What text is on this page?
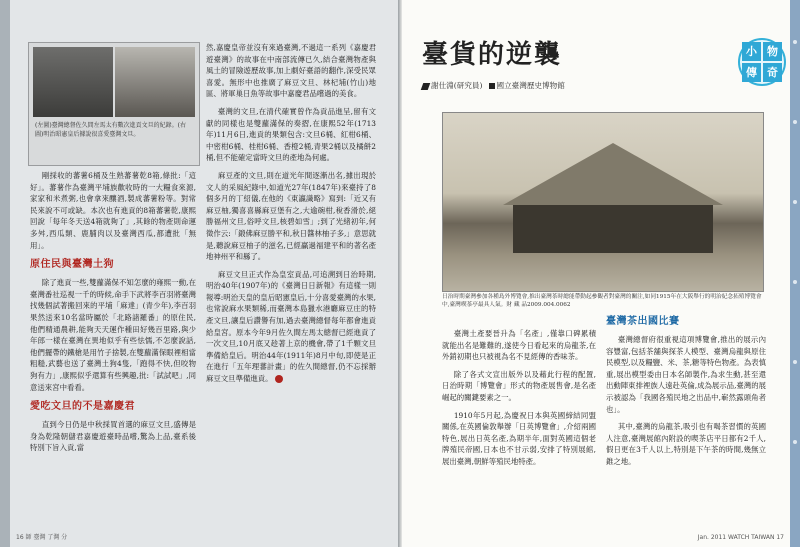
(左圖)臺灣總督佐久間左馬太有數次進貢文旦的紀錄。(右圖)明治昭憲皇后據說很喜愛臺灣文旦。

剛採收的蕃薯6桶及生熟蕃薯乾8箱,條批:「這好」。蕃薯作為臺灣平埔族歡收時的一大糧食來源,家家和米煮粥,也會拿來釀酒,製成蕃薯粉等。對常民來說不可或缺。本次也有進貢的8箱蕃薯乾,康熙回說「每年冬天送4箱就夠了」,其餘的物產則命運多舛,西瓜類、鹿脯肉以及臺灣西瓜,都遭批「無用」。

原住民與臺灣土狗

除了進貢一些,雙蘿滿保不知怎麼的雍熙一動,在臺灣番社巡視一千的時候,命手下武將李百羽將臺灣找幾個試著搬回來的平埔「麻達」(青少年),李百羽果然送來10名當時屬於「北路諸羅番」的原住民,他們精通農耕,能夠天天運作種田好幾百里路,與少年郎一樣在臺灣在異地似乎有些怯懦,不怎麼說話,他們擺帶的鐵槍是用竹子捨製,在雙蘿滿保眼裡相當粗糙,武藝也送了臺灣土狗4隻,「跑得不快,但咬物狗有力」,康熙似乎還算有些興趣,批:「試試吧」,同意送來宮中看看。

愛吃文旦的不是嘉慶君

直到今日仍是中秋採買首選的麻豆文旦,盛傳是身為乾隆朝儲君嘉慶遊臺時品嚐,驚為上品,臺系後特別下旨入貢,當

然,嘉慶皇帝並沒有來過臺灣,不過這一系列《嘉慶君遊臺灣》的故事在中南部流傳已久,結合臺灣物產與風土的冒險遊歷故事,加上劇好臺語的翻作,深受民眾喜愛。無形中也推廣了麻豆文旦、林杞埔(竹山)地區、將軍巢日魚等故事中嘉慶君品嚐過的美食。

臺灣的文旦,在清代確實曾作為貢品進呈,留有文獻的同樣也是雙蘿滿保的奏摺,在康熙52年(1713年)11月6日,進貢的果類包含:文旦6桶、紅柑6桶、中密柑6桶、桂柑6桶、香橙2桶,青果2桶以及橘餅2桶,但不能確定當時文旦的產地為何處。

麻豆產的文旦,則在道光年間逐漸出名,據出現於文人的采風紀錄中,如道光27年(1847年)來臺持了8個多月的丁紹儀,在他的《東瀛識略》寫到:「近又有麻豆柚,獨喜喜縣麻豆堡有之,大逾碗柑,稅香滑於,絕勝福州文旦,俗呼文旦,核碧如雪」;到了光緒初年,何徵作云:「鍛佛麻豆勝平和,秋日醬林柚子多,」意思就是,聽說麻豆柚子的滋名,已經贏過福建平和的著名產地神州平和縣了。

麻豆文旦正式作為皇室貢品,可追溯到日治時期,明治40年(1907年)的《臺灣日日新報》有這樣一則報導:明治天皇的皇后昭憲皇后,十分喜愛臺灣的水果,也常說麻水果類稀,而臺灣本島獵水港廳麻豆庄的特產文旦,讓皇后讚譽有加,過去臺灣總督每年都會進貢給皇宮。原本今年9月佐久間左馬太總督已經進貢了一次文旦,10月底又趁著上京的機會,帶了1千顆文旦準備給皇后。明治44年(1911年)8月中旬,即使是正在進行「五年理蕃計畫」的佐久間總督,仍不忘採辦麻豆文旦準備進貢。

16 師 臺灣 了灣 分
臺貨的逆襲
謝仕淵(研究員) 國立臺灣歷史博物館
小 物
傳 奇
日治時期臺灣參加各種島外博覽會,推出臺灣茶時總能帶動起參觀者對臺灣的關注,如同1915年在大阪舉行的明治紀念拓殖博覽會中,臺灣喫茶亭最具人氣。財 藏 品2009.004.0062

臺灣土產要晉升為「名產」,僅靠口碑累積就能出名是難難的,遂使今日看起來的烏龍茶,在外銷初期也只被視為名不見經傳的香味茶。

除了各式文宣出版外以及藉此行程的配置,日治時期「博覽會」形式的物產展售會,是名產崛起的關鍵要素之一。

1910年5月起,為慶祝日本與英國締結同盟關係,在英國倫敦舉辦「日英博覽會」,介紹兩國特色,展出日英名產,為期半年,面對英國這個老牌殖民帝國,日本也不甘示弱,安排了特別展館,展出臺灣,朝鮮等殖民地特產。

臺灣茶出國比賽

臺灣總督府很重視這項博覽會,推出的展示內容豐富,包括茶舖與探茶人模型、臺灣烏龍與原住民模型,以及糧鹽、米、茶,糖等特色物產。為表慎重,展出模型委由日本名師製作,為求生動,甚至還出動陣東排裡族人遠赴英倫,成為展示品,臺灣的展示被認為「我國各殖民地之出品中,嶄然露頭角者也」。

其中,臺灣的烏龍茶,吸引也有喝茶習慣的英國人注意,臺灣展館內附設的喫茶店平日都有2千人,假日更在3千人以上,特別是下午茶的時間,幾無立錐之地。

Jan. 2011 WATCH TAIWAN 17
